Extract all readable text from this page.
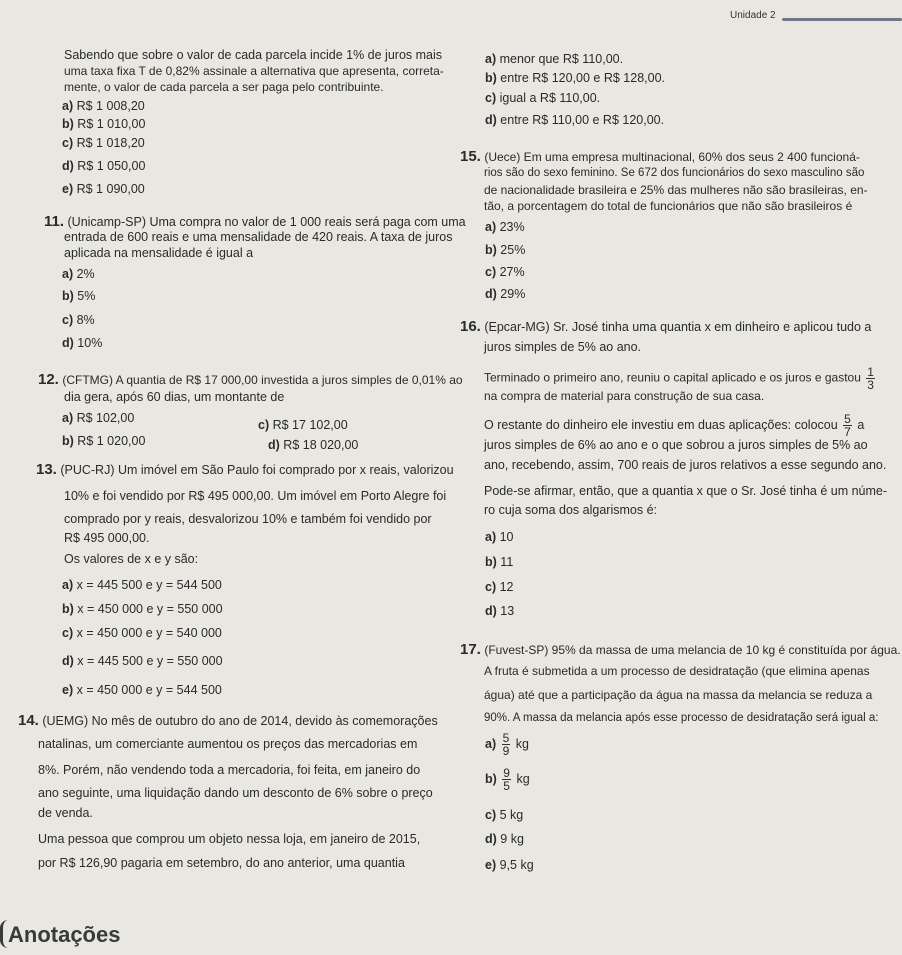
Unidade 2
Sabendo que sobre o valor de cada parcela incide 1% de juros mais
uma taxa fixa T de 0,82% assinale a alternativa que apresenta, correta-
mente, o valor de cada parcela a ser paga pelo contribuinte.
a) R$ 1 008,20
b) R$ 1 010,00
c) R$ 1 018,20
d) R$ 1 050,00
e) R$ 1 090,00
11. (Unicamp-SP) Uma compra no valor de 1 000 reais será paga com uma
entrada de 600 reais e uma mensalidade de 420 reais. A taxa de juros
aplicada na mensalidade é igual a
a) 2%
b) 5%
c) 8%
d) 10%
12. (CFTMG) A quantia de R$ 17 000,00 investida a juros simples de 0,01% ao
dia gera, após 60 dias, um montante de
a) R$ 102,00	c) R$ 17 102,00
b) R$ 1 020,00	d) R$ 18 020,00
13. (PUC-RJ) Um imóvel em São Paulo foi comprado por x reais, valorizou
10% e foi vendido por R$ 495 000,00. Um imóvel em Porto Alegre foi
comprado por y reais, desvalorizou 10% e também foi vendido por
R$ 495 000,00.
Os valores de x e y são:
a) x = 445 500 e y = 544 500
b) x = 450 000 e y = 550 000
c) x = 450 000 e y = 540 000
d) x = 445 500 e y = 550 000
e) x = 450 000 e y = 544 500
14. (UEMG) No mês de outubro do ano de 2014, devido às comemorações
natalinas, um comerciante aumentou os preços das mercadorias em
8%. Porém, não vendendo toda a mercadoria, foi feita, em janeiro do
ano seguinte, uma liquidação dando um desconto de 6% sobre o preço
de venda.
Uma pessoa que comprou um objeto nessa loja, em janeiro de 2015,
por R$ 126,90 pagaria em setembro, do ano anterior, uma quantia
Anotações
a) menor que R$ 110,00.
b) entre R$ 120,00 e R$ 128,00.
c) igual a R$ 110,00.
d) entre R$ 110,00 e R$ 120,00.
15. (Uece) Em uma empresa multinacional, 60% dos seus 2 400 funcioná-
rios são do sexo feminino. Se 672 dos funcionários do sexo masculino são
de nacionalidade brasileira e 25% das mulheres não são brasileiras, en-
tão, a porcentagem do total de funcionários que não são brasileiros é
a) 23%
b) 25%
c) 27%
d) 29%
16. (Epcar-MG) Sr. José tinha uma quantia x em dinheiro e aplicou tudo a
juros simples de 5% ao ano.
Terminado o primeiro ano, reuniu o capital aplicado e os juros e gastou $\frac{1}{3}$
na compra de material para construção de sua casa.
O restante do dinheiro ele investiu em duas aplicações: colocou $\frac{5}{7}$ a
juros simples de 6% ao ano e o que sobrou a juros simples de 5% ao
ano, recebendo, assim, 700 reais de juros relativos a esse segundo ano.
Pode-se afirmar, então, que a quantia x que o Sr. José tinha é um núme-
ro cuja soma dos algarismos é:
a) 10
b) 11
c) 12
d) 13
17. (Fuvest-SP) 95% da massa de uma melancia de 10 kg é constituída por água.
A fruta é submetida a um processo de desidratação (que elimina apenas
água) até que a participação da água na massa da melancia se reduza a
90%. A massa da melancia após esse processo de desidratação será igual a:
$a) \frac{5}{9}$ kg
$b) \frac{9}{5}$ kg
c) 5 kg
d) 9 kg
e) 9,5 kg
